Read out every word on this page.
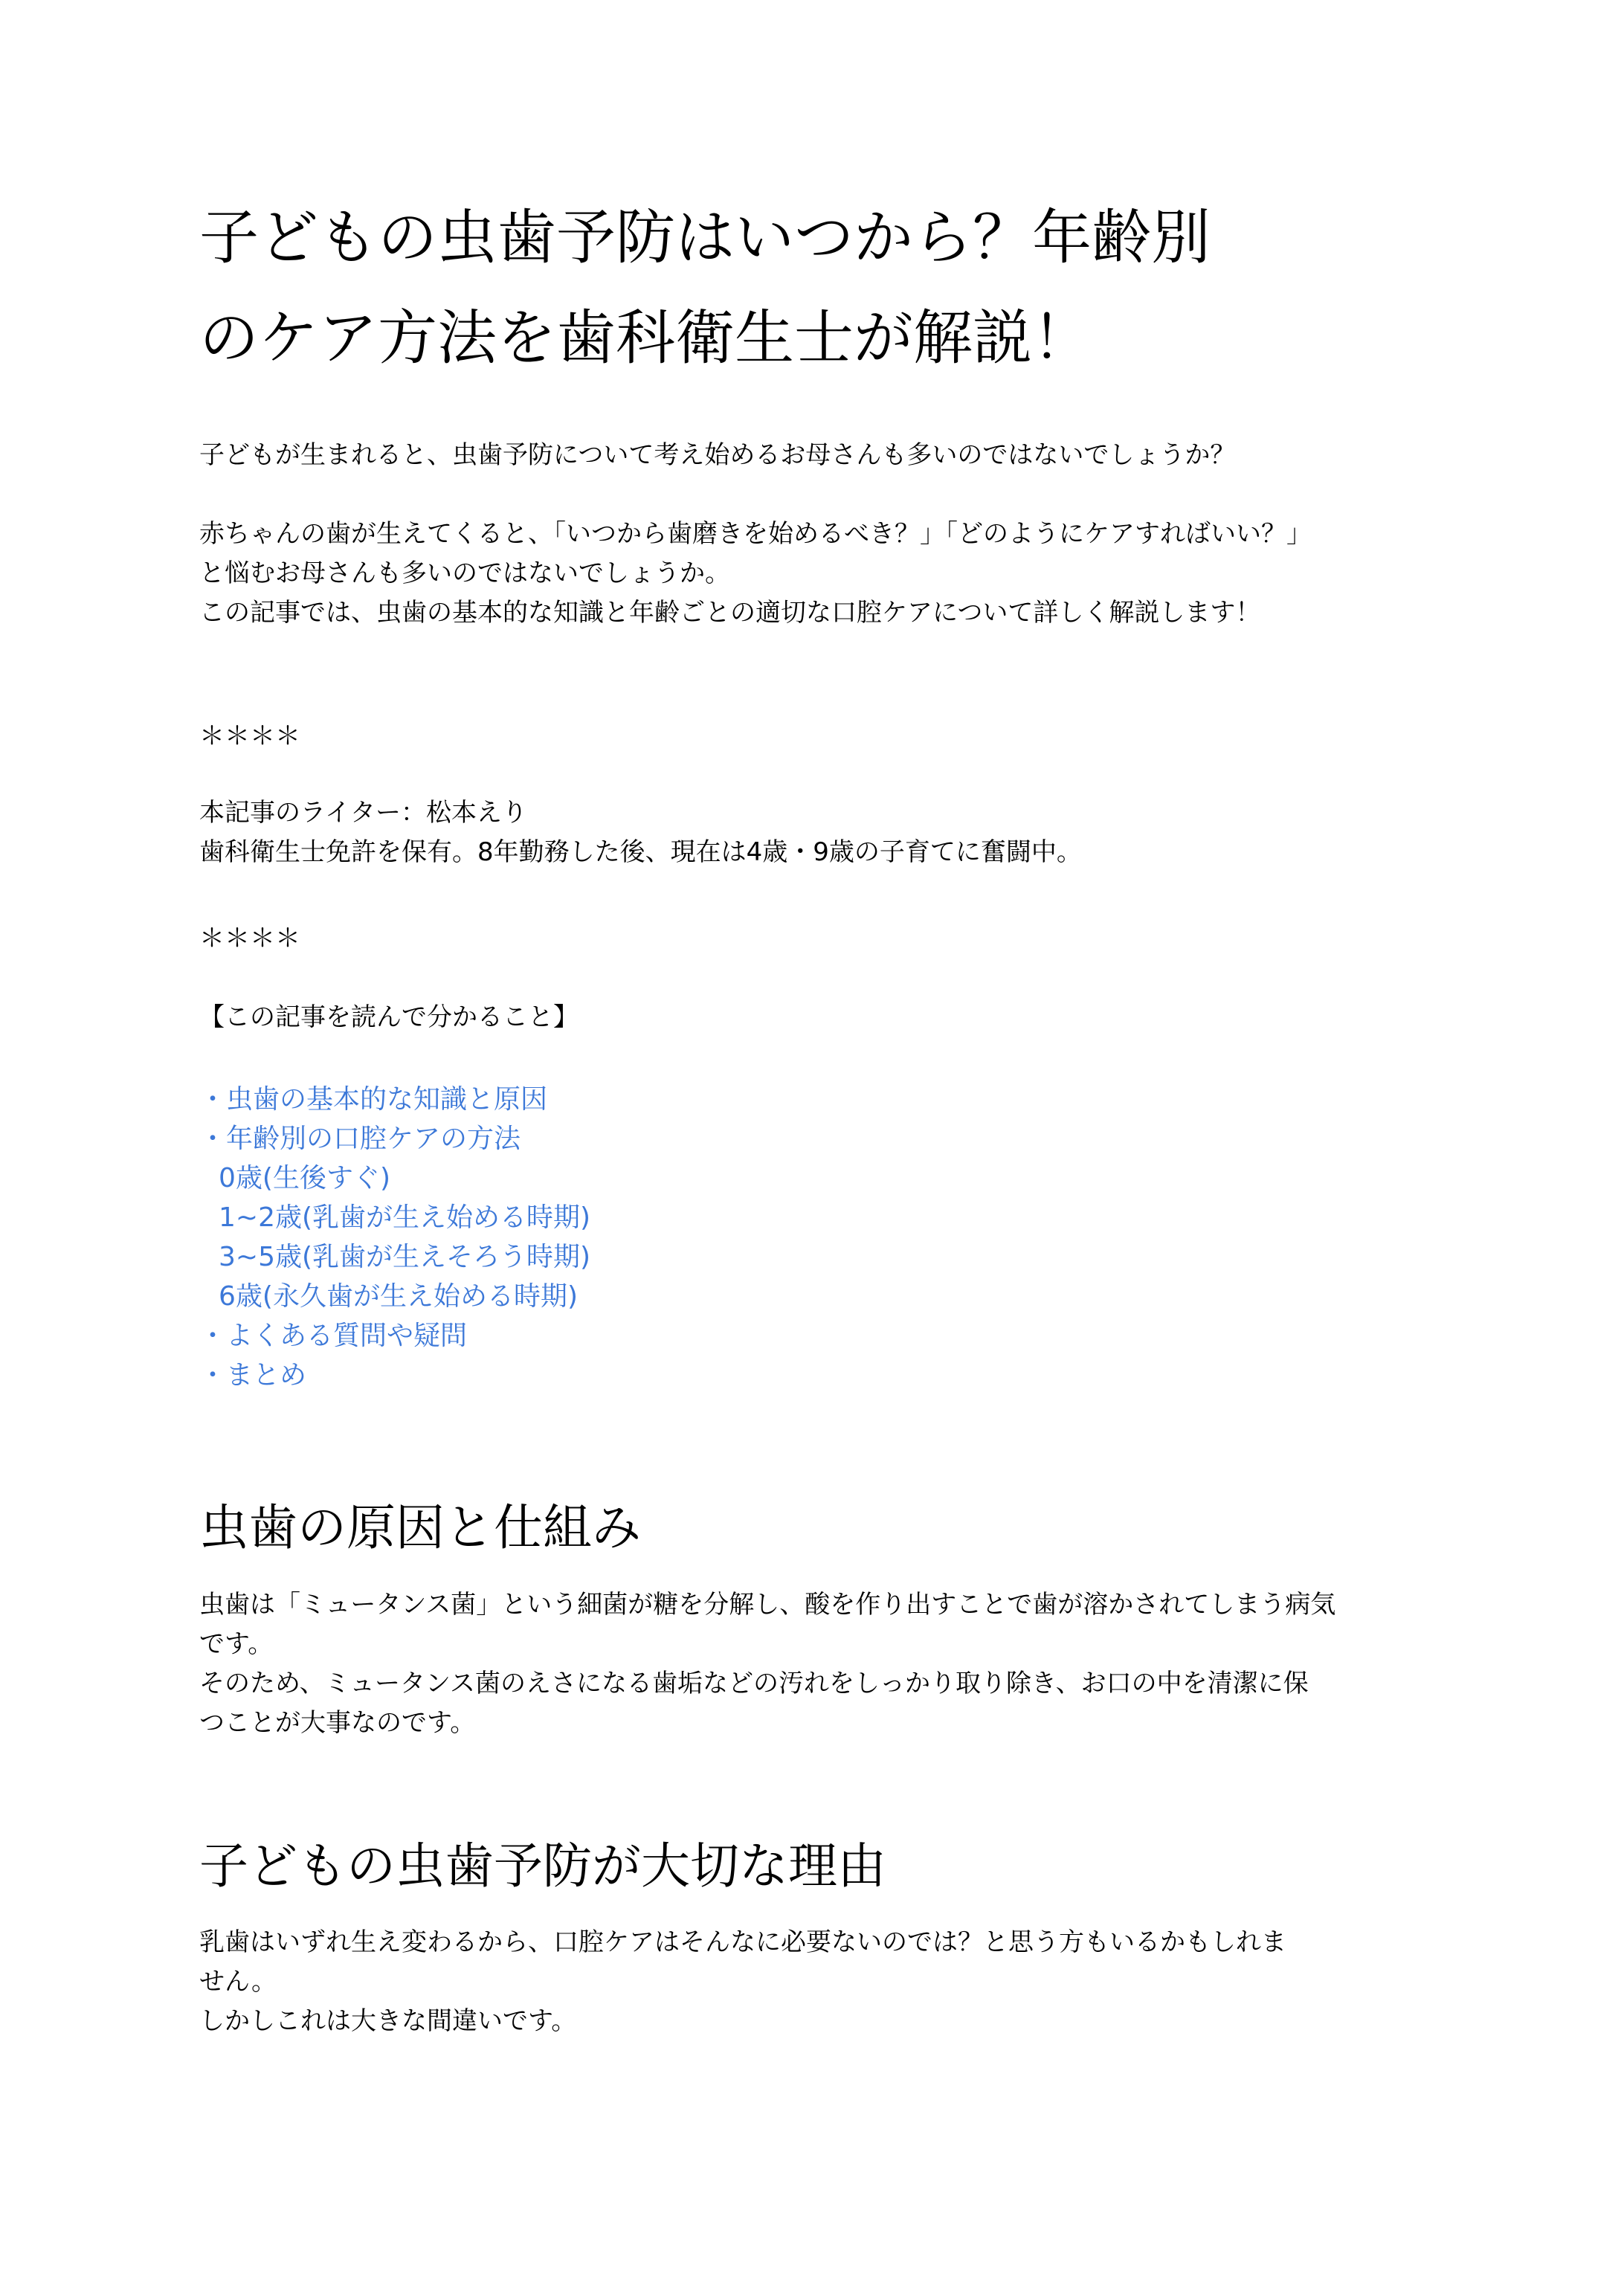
子どもの虫歯予防はいつから？年齢別
のケア方法を歯科衛生士が解説！
子どもが生まれると、虫歯予防について考え始めるお母さんも多いのではないでしょうか？
赤ちゃんの歯が生えてくると、「いつから歯磨きを始めるべき？」「どのようにケアすればいい？」
と悩むお母さんも多いのではないでしょうか。
この記事では、虫歯の基本的な知識と年齢ごとの適切な口腔ケアについて詳しく解説します！
＊＊＊＊
本記事のライター：松本えり
歯科衛生士免許を保有。8年勤務した後、現在は4歳・9歳の子育てに奮闘中。
＊＊＊＊
【この記事を読んで分かること】
・虫歯の基本的な知識と原因
・年齢別の口腔ケアの方法
0歳(生後すぐ)
1~2歳(乳歯が生え始める時期)
3~5歳(乳歯が生えそろう時期)
6歳(永久歯が生え始める時期)
・よくある質問や疑問
・まとめ
虫歯の原因と仕組み
虫歯は「ミュータンス菌」という細菌が糖を分解し、酸を作り出すことで歯が溶かされてしまう病気
です。
そのため、ミュータンス菌のえさになる歯垢などの汚れをしっかり取り除き、お口の中を清潔に保
つことが大事なのです。
子どもの虫歯予防が大切な理由
乳歯はいずれ生え変わるから、口腔ケアはそんなに必要ないのでは？と思う方もいるかもしれま
せん。
しかしこれは大きな間違いです。
